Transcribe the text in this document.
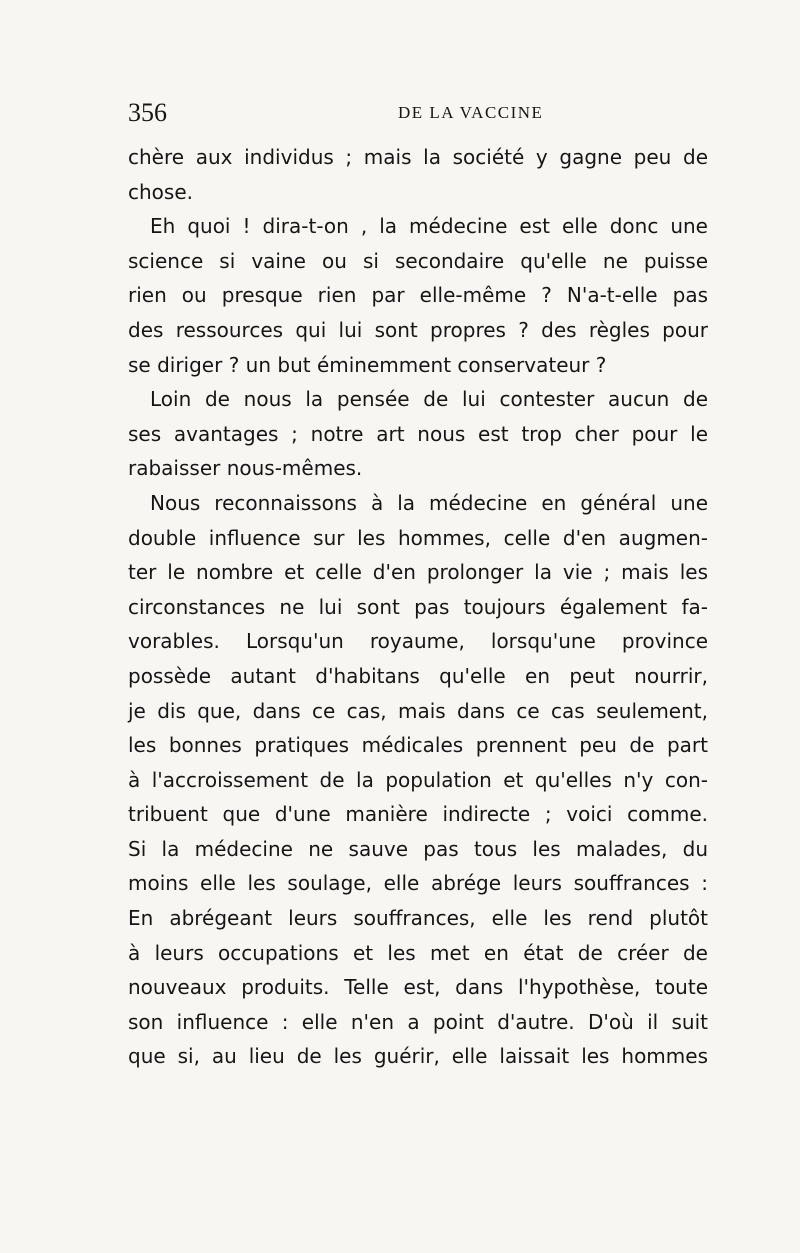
356	DE LA VACCINE
chère aux individus ; mais la société y gagne peu de
chose.
Eh quoi ! dira-t-on , la médecine est elle donc une
science si vaine ou si secondaire qu'elle ne puisse
rien ou presque rien par elle-même ? N'a-t-elle pas
des ressources qui lui sont propres ? des règles pour
se diriger ? un but éminemment conservateur ?
Loin de nous la pensée de lui contester aucun de
ses avantages ; notre art nous est trop cher pour le
rabaisser nous-mêmes.
Nous reconnaissons à la médecine en général une
double influence sur les hommes, celle d'en augmen-
ter le nombre et celle d'en prolonger la vie ; mais les
circonstances ne lui sont pas toujours également fa-
vorables. Lorsqu'un royaume, lorsqu'une province
possède autant d'habitans qu'elle en peut nourrir,
je dis que, dans ce cas, mais dans ce cas seulement,
les bonnes pratiques médicales prennent peu de part
à l'accroissement de la population et qu'elles n'y con-
tribuent que d'une manière indirecte ; voici comme.
Si la médecine ne sauve pas tous les malades, du
moins elle les soulage, elle abrége leurs souffrances :
En abrégeant leurs souffrances, elle les rend plutôt
à leurs occupations et les met en état de créer de
nouveaux produits. Telle est, dans l'hypothèse, toute
son influence : elle n'en a point d'autre. D'où il suit
que si, au lieu de les guérir, elle laissait les hommes
